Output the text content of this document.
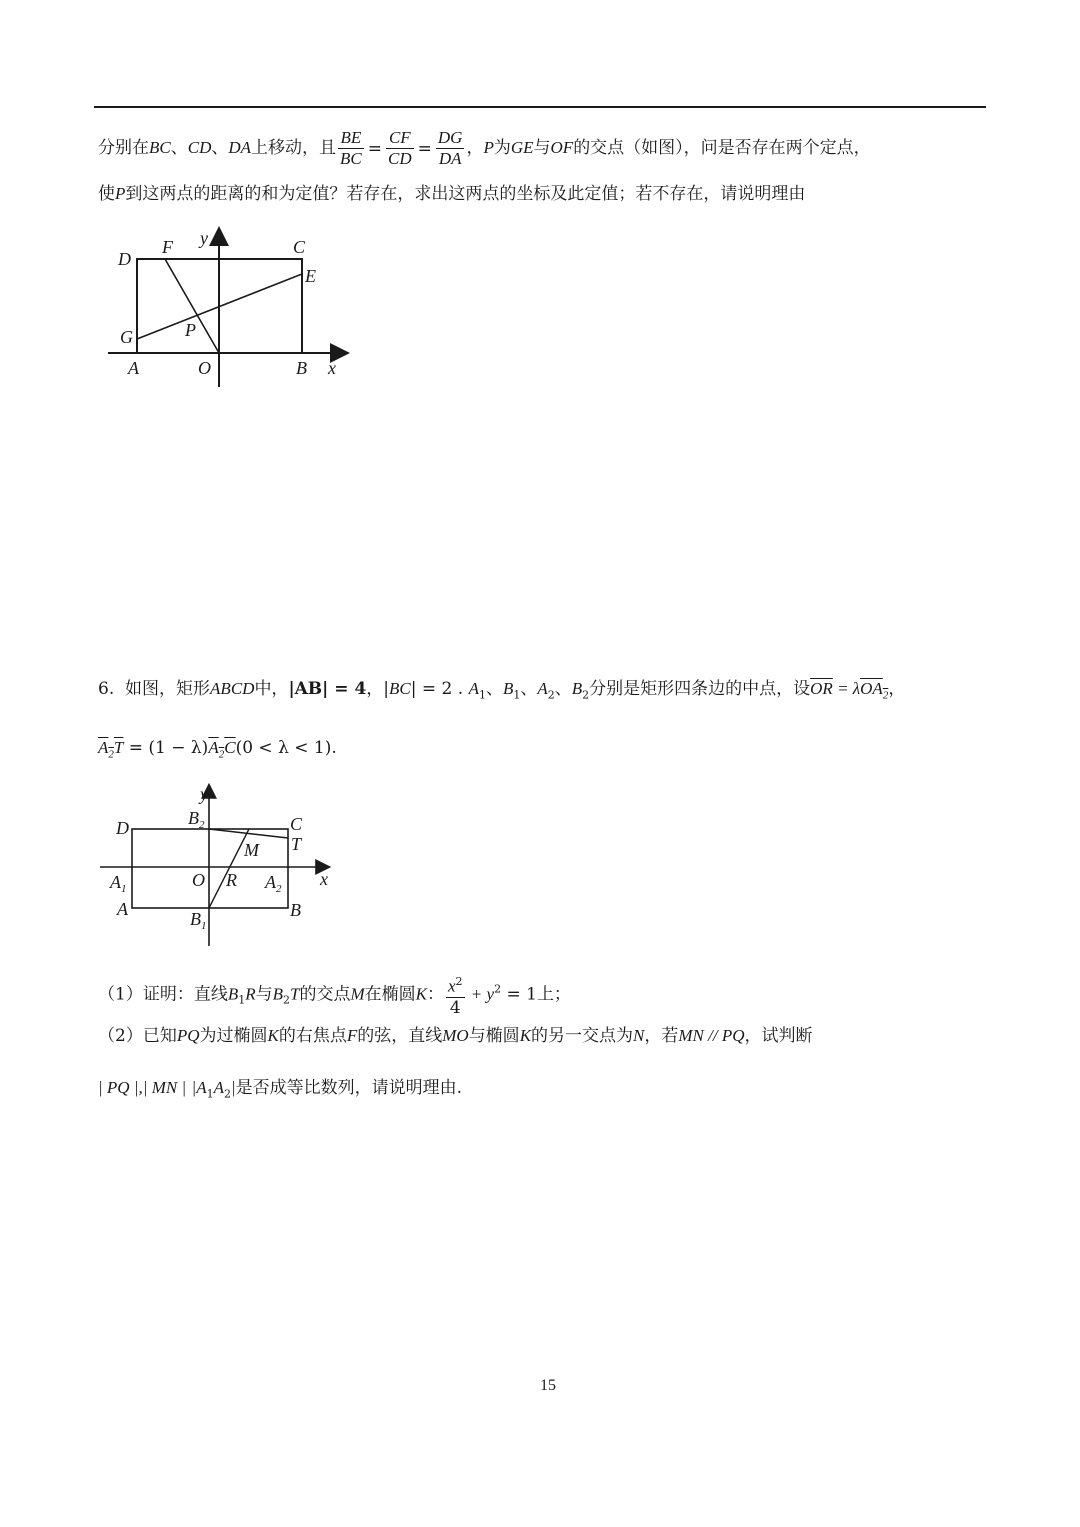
分别在BC、CD、DA上移动，且 $\frac{BE}{BC} = \frac{CF}{CD} = \frac{DG}{DA}$ ，P为GE与OF的交点（如图），问是否存在两个定点，
使P到这两点的距离的和为定值？若存在，求出这两点的坐标及此定值；若不存在，请说明理由
D
F y	C
E
G	P
A	O	B x
6. 如图，矩形ABCD中，|AB| = 4，|BC| = 2 . $A_1$、$B_1$、$A_2$、$B_2$分别是矩形四条边的中点，设$\overline{OR} = \lambda OA_2$，
$A_2T = (1 - \lambda)A_2C(0 < \lambda < 1)$.
y
D	$B_2$	C
M T
$A_1$	O R $A_2$ x
A	$B_1$
B
（1）证明：直线$B_1R$与$B_2T$的交点M在椭圆K： $\frac{x^2}{4} + y^2 = 1$上；
（2）已知PQ为过椭圆K的右焦点F的弦，直线MO与椭圆K的另一交点为N，若MN // PQ，试判断
| PQ |,| MN | $|A_1A_2|$是否成等比数列，请说明理由.
15
